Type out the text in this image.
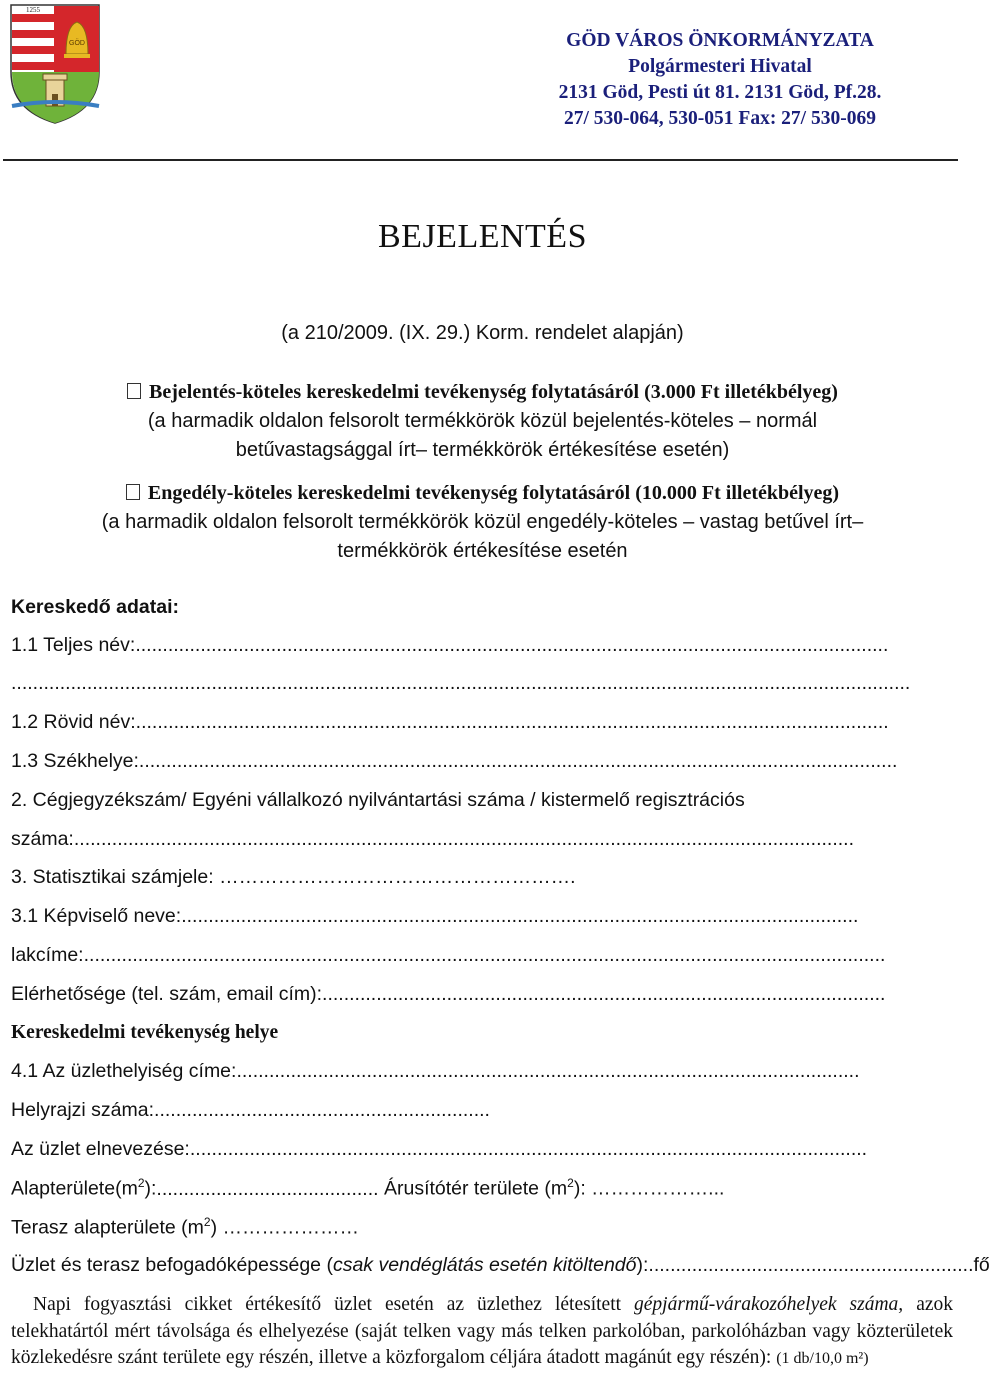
GÖD
1255
GÖD VÁROS ÖNKORMÁNYZATA
Polgármesteri Hivatal
2131 Göd, Pesti út 81. 2131 Göd, Pf.28.
27/ 530-064, 530-051 Fax: 27/ 530-069
BEJELENTÉS
(a 210/2009. (IX. 29.) Korm. rendelet alapján)
Bejelentés-köteles kereskedelmi tevékenység folytatásáról (3.000 Ft illetékbélyeg)
(a harmadik oldalon felsorolt termékkörök közül bejelentés-köteles – normál
betűvastagsággal írt– termékkörök értékesítése esetén)
Engedély-köteles kereskedelmi tevékenység folytatásáról (10.000 Ft illetékbélyeg)
(a harmadik oldalon felsorolt termékkörök közül engedély-köteles – vastag betűvel írt–
termékkörök értékesítése esetén
Kereskedő adatai:
1.1 Teljes név:...........................................................................................................................................
......................................................................................................................................................................
1.2 Rövid név:...........................................................................................................................................
1.3 Székhelye:............................................................................................................................................
2. Cégjegyzékszám/ Egyéni vállalkozó nyilvántartási száma / kistermelő regisztrációs
száma:................................................................................................................................................
3. Statisztikai számjele: ……………………………………………….
3.1 Képviselő neve:.............................................................................................................................
lakcíme:....................................................................................................................................................
Elérhetősége (tel. szám, email cím):........................................................................................................
Kereskedelmi tevékenység helye
4.1 Az üzlethelyiség címe:...................................................................................................................
Helyrajzi száma:..............................................................
Az üzlet elnevezése:.............................................................................................................................
$Alapterülete(m^2)$:......................................... Árusítótér területe $(m^2)$: ………………...
Terasz alapterülete $(m^2)$ …………………
Üzlet és terasz befogadóképessége (csak vendéglátás esetén kitöltendő):............................................................fő
Napi fogyasztási cikket értékesítő üzlet esetén az üzlethez létesített gépjármű-várakozóhelyek száma, azok telekhatártól mért távolsága és elhelyezése (saját telken vagy más telken parkolóban, parkolóházban vagy közterületek közlekedésre szánt területe egy részén, illetve a közforgalom céljára átadott magánút egy részén): (1 db/10,0 m²)
